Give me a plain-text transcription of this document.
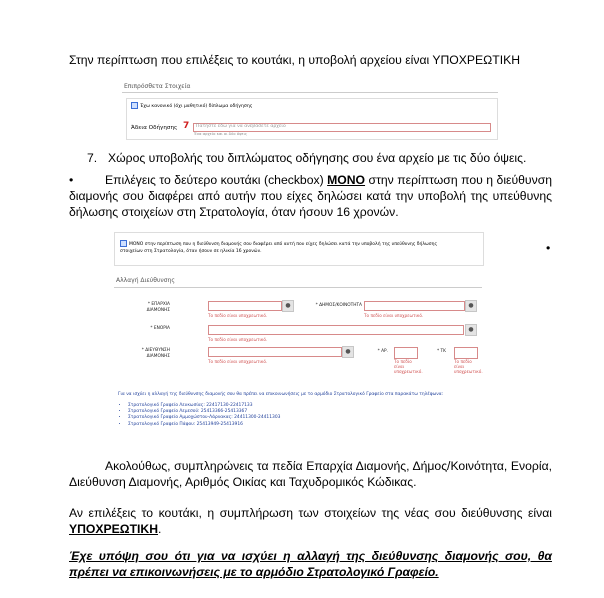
Στην περίπτωση που επιλέξεις το κουτάκι, η υποβολή αρχείου είναι ΥΠΟΧΡΕΩΤΙΚΗ
Επιπρόσθετα Στοιχεία
Έχω κανονικό (όχι μαθητικό) δίπλωμα οδήγησης
Άδεια Οδήγησης 7 Πατήστε εδώ για να ανεβάσετε αρχείο
Ένα αρχείο και οι δύο όψεις
7. Χώρος υποβολής του διπλώματος οδήγησης σου ένα αρχείο με τις δύο όψεις.
•	Επιλέγεις το δεύτερο κουτάκι (checkbox) ΜΟΝΟ στην περίπτωση που η διεύθυνση διαμονής σου διαφέρει από αυτήν που είχες δηλώσει κατά την υποβολή της υπεύθυνης δήλωσης στοιχείων στη Στρατολογία, όταν ήσουν 16 χρονών.
•
ΜΟΝΟ στην περίπτωση που η διεύθυνση διαμονής σου διαφέρει από αυτή που είχες δηλώσει κατά την υποβολή της υπεύθυνης δήλωσης στοιχείων στη Στρατολογία, όταν ήσουν σε ηλικία 16 χρονών.
Αλλαγή Διεύθυνσης
* ΕΠΑΡΧΙΑ ΔΙΑΜΟΝΗΣ
●
Το πεδίο είναι υποχρεωτικό.
* ΔΗΜΟΣ/ΚΟΙΝΟΤΗΤΑ	●
Το πεδίο είναι υποχρεωτικό.
* ΕΝΟΡΙΑ	●
Το πεδίο είναι υποχρεωτικό.
* ΔΙΕΥΘΥΝΣΗ ΔΙΑΜΟΝΗΣ
●
Το πεδίο είναι υποχρεωτικό.
* ΑΡ.
Το πεδίο είναι υποχρεωτικό.
* ΤΚ
Το πεδίο είναι υποχρεωτικό.
Για να ισχύει η αλλαγή της διεύθυνσης διαμονής σου θα πρέπει να επικοινωνήσεις με το αρμόδιο Στρατολογικό Γραφείο στα παρακάτω τηλέφωνα:
• Στρατολογικό Γραφείο Λευκωσίας: 22417130-22417133
• Στρατολογικό Γραφείο Λεμεσού: 25413366-25413367
• Στρατολογικό Γραφείο Αμμοχώστου-Λάρνακας: 24411300-24411303
• Στρατολογικό Γραφείο Πάφου: 25413949-25413916
Ακολούθως, συμπληρώνεις τα πεδία Επαρχία Διαμονής, Δήμος/Κοινότητα, Ενορία, Διεύθυνση Διαμονής, Αριθμός Οικίας και Ταχυδρομικός Κώδικας.
Αν επιλέξεις το κουτάκι, η συμπλήρωση των στοιχείων της νέας σου διεύθυνσης είναι ΥΠΟΧΡΕΩΤΙΚΗ.
Έχε υπόψη σου ότι για να ισχύει η αλλαγή της διεύθυνσης διαμονής σου, θα πρέπει να επικοινωνήσεις με το αρμόδιο Στρατολογικό Γραφείο.
